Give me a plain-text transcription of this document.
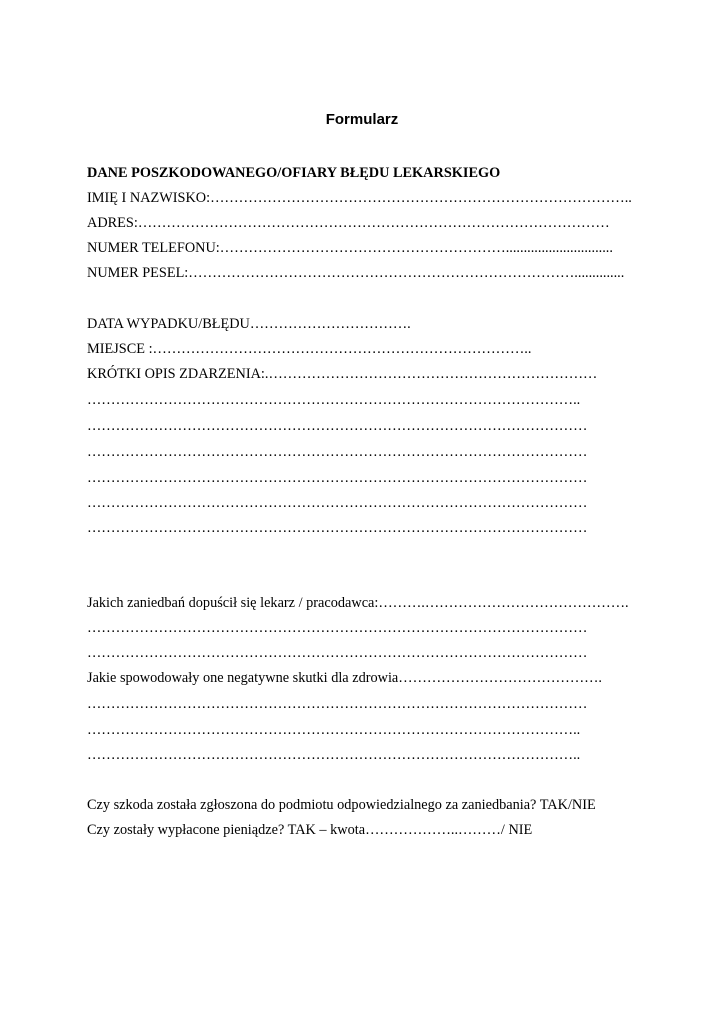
Formularz

DANE POSZKODOWANEGO/OFIARY BŁĘDU LEKARSKIEGO

IMIĘ I NAZWISKO:……………………………………………………………………………..

ADRES:………………………………………………………………………………………

NUMER TELEFONU:……………………………………………………..............................

NUMER PESEL:………………………………………………………………………..............

DATA WYPADKU/BŁĘDU…………………………….

MIEJSCE :……………………………………………………………………..

KRÓTKI OPIS ZDARZENIA:.……………………………………………………………

…………………………………………………………………………………………..

……………………………………………………………………………………………

……………………………………………………………………………………………

……………………………………………………………………………………………

……………………………………………………………………………………………

……………………………………………………………………………………………

Jakich zaniedbań dopuścił się lekarz / pracodawca:……….…………………………………….

……………………………………………………………………………………………

……………………………………………………………………………………………

Jakie spowodowały one negatywne skutki dla zdrowia…………………………………….

……………………………………………………………………………………………

…………………………………………………………………………………………..

…………………………………………………………………………………………..

Czy szkoda została zgłoszona do podmiotu odpowiedzialnego za zaniedbania? TAK/NIE

Czy zostały wypłacone pieniądze? TAK – kwota………………..………/ NIE
